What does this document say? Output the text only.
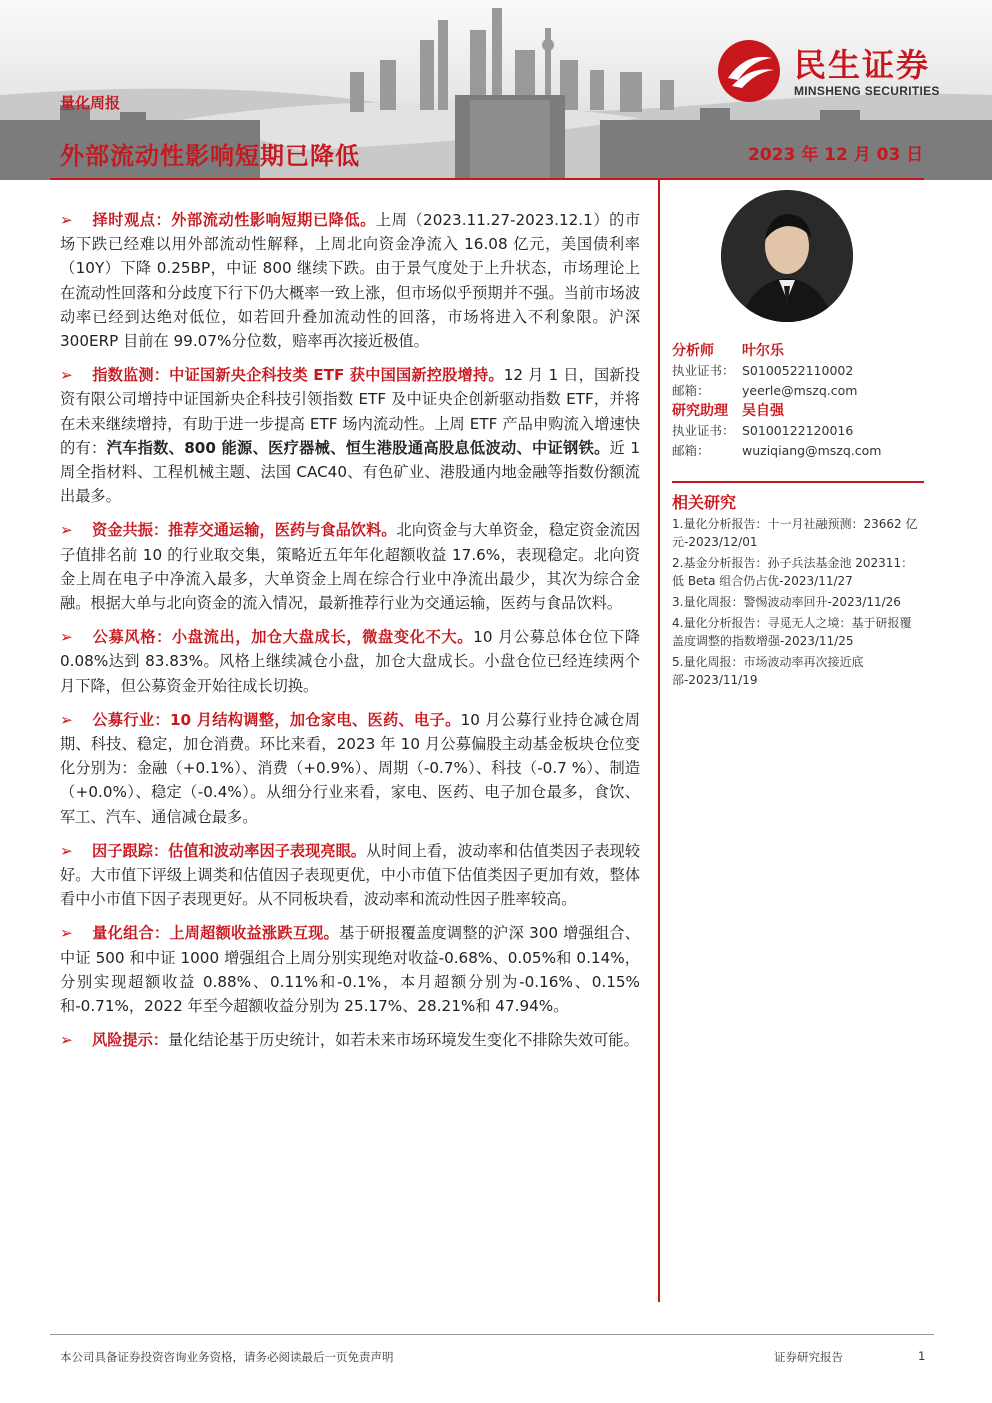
量化周报
外部流动性影响短期已降低	2023 年 12 月 03 日
民生证券
MINSHENG SECURITIES

➢ 择时观点：外部流动性影响短期已降低。上周（2023.11.27-2023.12.1）的市场下跌已经难以用外部流动性解释，上周北向资金净流入 16.08 亿元，美国债利率（10Y）下降 0.25BP，中证 800 继续下跌。由于景气度处于上升状态，市场理论上在流动性回落和分歧度下行下仍大概率一致上涨，但市场似乎预期并不强。当前市场波动率已经到达绝对低位，如若回升叠加流动性的回落，市场将进入不利象限。沪深 300ERP 目前在 99.07%分位数，赔率再次接近极值。

➢ 指数监测：中证国新央企科技类 ETF 获中国国新控股增持。12 月 1 日，国新投资有限公司增持中证国新央企科技引领指数 ETF 及中证央企创新驱动指数 ETF，并将在未来继续增持，有助于进一步提高 ETF 场内流动性。上周 ETF 产品申购流入增速快的有：汽车指数、800 能源、医疗器械、恒生港股通高股息低波动、中证钢铁。近 1 周全指材料、工程机械主题、法国 CAC40、有色矿业、港股通内地金融等指数份额流出最多。

➢ 资金共振：推荐交通运输，医药与食品饮料。北向资金与大单资金，稳定资金流因子值排名前 10 的行业取交集，策略近五年年化超额收益 17.6%，表现稳定。北向资金上周在电子中净流入最多，大单资金上周在综合行业中净流出最少，其次为综合金融。根据大单与北向资金的流入情况，最新推荐行业为交通运输，医药与食品饮料。

➢ 公募风格：小盘流出，加仓大盘成长，微盘变化不大。10 月公募总体仓位下降 0.08%达到 83.83%。风格上继续减仓小盘，加仓大盘成长。小盘仓位已经连续两个月下降，但公募资金开始往成长切换。

➢ 公募行业：10 月结构调整，加仓家电、医药、电子。10 月公募行业持仓减仓周期、科技、稳定，加仓消费。环比来看，2023 年 10 月公募偏股主动基金板块仓位变化分别为：金融（+0.1%）、消费（+0.9%）、周期（-0.7%）、科技（-0.7 %）、制造（+0.0%）、稳定（-0.4%）。从细分行业来看，家电、医药、电子加仓最多，食饮、军工、汽车、通信减仓最多。

➢ 因子跟踪：估值和波动率因子表现亮眼。从时间上看，波动率和估值类因子表现较好。大市值下评级上调类和估值因子表现更优，中小市值下估值类因子更加有效，整体看中小市值下因子表现更好。从不同板块看，波动率和流动性因子胜率较高。

➢ 量化组合：上周超额收益涨跌互现。基于研报覆盖度调整的沪深 300 增强组合、中证 500 和中证 1000 增强组合上周分别实现绝对收益-0.68%、0.05%和 0.14%，分别实现超额收益 0.88%、0.11%和-0.1%，本月超额分别为-0.16%、0.15%和-0.71%，2022 年至今超额收益分别为 25.17%、28.21%和 47.94%。

➢ 风险提示：量化结论基于历史统计，如若未来市场环境发生变化不排除失效可能。

分析师 叶尔乐
执业证书： S0100522110002
邮箱：	yeerle@mszq.com
研究助理 吴自强
执业证书： S0100122120016
邮箱：	wuziqiang@mszq.com
相关研究
1.量化分析报告：十一月社融预测：23662 亿元-2023/12/01
2.基金分析报告：孙子兵法基金池 202311：低 Beta 组合仍占优-2023/11/27
3.量化周报：警惕波动率回升-2023/11/26
4.量化分析报告：寻觅无人之境：基于研报覆盖度调整的指数增强-2023/11/25
5.量化周报：市场波动率再次接近底部-2023/11/19
本公司具备证券投资咨询业务资格，请务必阅读最后一页免责声明	证券研究报告	1
